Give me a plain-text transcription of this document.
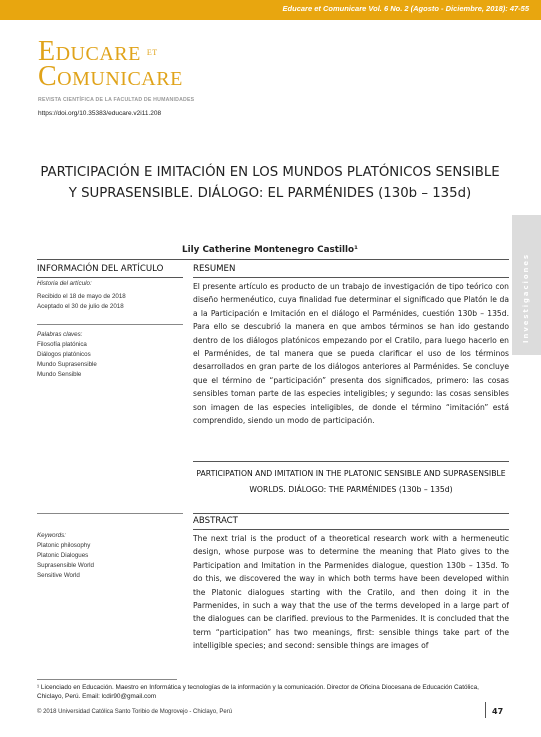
Educare et Comunicare Vol. 6 No. 2 (Agosto - Diciembre, 2018): 47-55
Educare et
Comunicare
REVISTA CIENTÍFICA DE LA FACULTAD DE HUMANIDADES
https://doi.org/10.35383/educare.v2i11.208
Investigaciones
PARTICIPACIÓN E IMITACIÓN EN LOS MUNDOS PLATÓNICOS SENSIBLE Y SUPRASENSIBLE. DIÁLOGO: EL PARMÉNIDES (130b – 135d)
Lily Catherine Montenegro Castillo¹
INFORMACIÓN DEL ARTÍCULO	RESUMEN
Historia del artículo:
Recibido el 18 de mayo de 2018
Aceptado el 30 de julio de 2018
Palabras claves:
Filosofía platónica
Diálogos platónicos
Mundo Suprasensible
Mundo Sensible
El presente artículo es producto de un trabajo de investigación de tipo teórico con diseño hermenéutico, cuya finalidad fue determinar el significado que Platón le da a la Participación e Imitación en el diálogo el Parménides, cuestión 130b – 135d. Para ello se descubrió la manera en que ambos términos se han ido gestando dentro de los diálogos platónicos empezando por el Cratilo, para luego hacerlo en el Parménides, de tal manera que se pueda clarificar el uso de los términos desarrollados en gran parte de los diálogos anteriores al Parménides. Se concluye que el término de “participación” presenta dos significados, primero: las cosas sensibles toman parte de las especies inteligibles; y segundo: las cosas sensibles son imagen de las especies inteligibles, de donde el término “imitación” está comprendido, siendo un modo de participación.
PARTICIPATION AND IMITATION IN THE PLATONIC SENSIBLE AND SUPRASENSIBLE WORLDS. DIÁLOGO: THE PARMÉNIDES (130b – 135d)
ABSTRACT
Keywords:
Platonic philosophy
Platonic Dialogues
Suprasensible World
Sensitive World
The next trial is the product of a theoretical research work with a hermeneutic design, whose purpose was to determine the meaning that Plato gives to the Participation and Imitation in the Parmenides dialogue, question 130b – 135d. To do this, we discovered the way in which both terms have been developed within the Platonic dialogues starting with the Cratilo, and then doing it in the Parmenides, in such a way that the use of the terms developed in a large part of the dialogues can be clarified. previous to the Parmenides. It is concluded that the term “participation” has two meanings, first: sensible things take part of the intelligible species; and second: sensible things are images of
¹ Licenciado en Educación. Maestro en Informática y tecnologías de la información y la comunicación. Director de Oficina Diocesana de Educación Católica, Chiclayo, Perú. Email: lcdir90@gmail.com
© 2018 Universidad Católica Santo Toribio de Mogrovejo - Chiclayo, Perú	47
